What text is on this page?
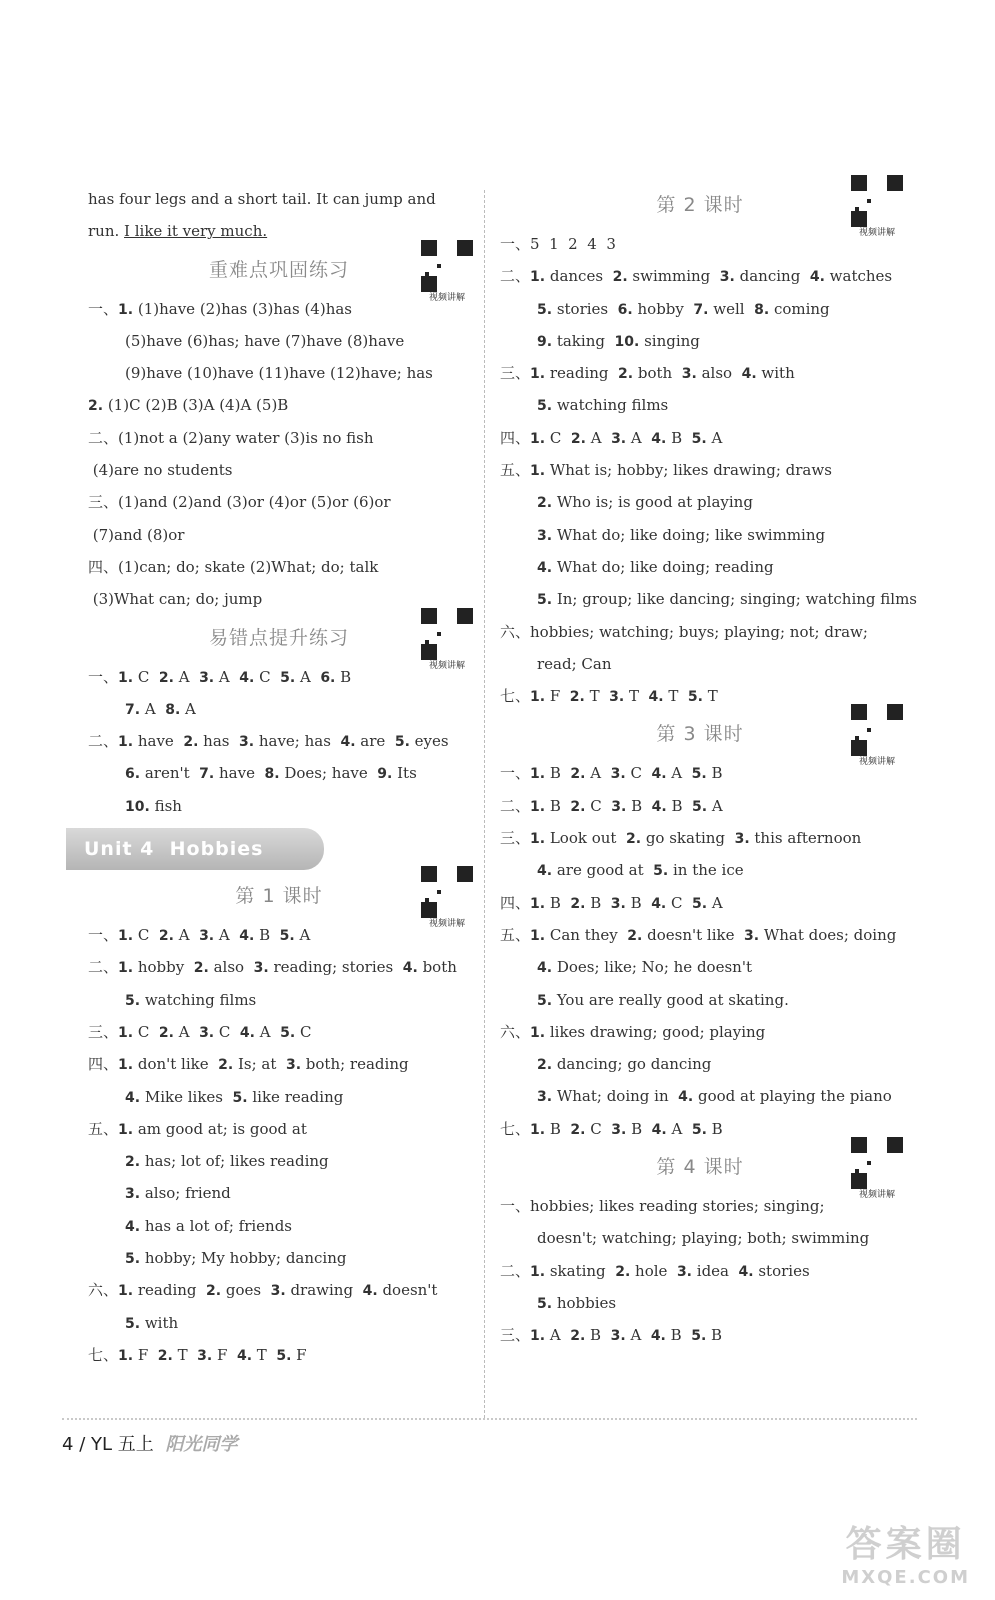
has four legs and a short tail. It can jump and
run. I like it very much.
重难点巩固练习
视频讲解
一、1. (1)have (2)has (3)has (4)has
(5)have (6)has; have (7)have (8)have
(9)have (10)have (11)have (12)have; has
2. (1)C (2)B (3)A (4)A (5)B
二、(1)not a (2)any water (3)is no fish
(4)are no students
三、(1)and (2)and (3)or (4)or (5)or (6)or
(7)and (8)or
四、(1)can; do; skate (2)What; do; talk
(3)What can; do; jump
易错点提升练习
视频讲解
一、1. C  2. A  3. A  4. C  5. A  6. B
7. A  8. A
二、1. have  2. has  3. have; has  4. are  5. eyes
6. aren't  7. have  8. Does; have  9. Its
10. fish
Unit 4  Hobbies
第 1 课时
视频讲解
一、1. C  2. A  3. A  4. B  5. A
二、1. hobby  2. also  3. reading; stories  4. both
5. watching films
三、1. C  2. A  3. C  4. A  5. C
四、1. don't like  2. Is; at  3. both; reading
4. Mike likes  5. like reading
五、1. am good at; is good at
2. has; lot of; likes reading
3. also; friend
4. has a lot of; friends
5. hobby; My hobby; dancing
六、1. reading  2. goes  3. drawing  4. doesn't
5. with
七、1. F  2. T  3. F  4. T  5. F
第 2 课时
视频讲解
一、5  1  2  4  3
二、1. dances  2. swimming  3. dancing  4. watches
5. stories  6. hobby  7. well  8. coming
9. taking  10. singing
三、1. reading  2. both  3. also  4. with
5. watching films
四、1. C  2. A  3. A  4. B  5. A
五、1. What is; hobby; likes drawing; draws
2. Who is; is good at playing
3. What do; like doing; like swimming
4. What do; like doing; reading
5. In; group; like dancing; singing; watching films
六、hobbies; watching; buys; playing; not; draw;
read; Can
七、1. F  2. T  3. T  4. T  5. T
第 3 课时
视频讲解
一、1. B  2. A  3. C  4. A  5. B
二、1. B  2. C  3. B  4. B  5. A
三、1. Look out  2. go skating  3. this afternoon
4. are good at  5. in the ice
四、1. B  2. B  3. B  4. C  5. A
五、1. Can they  2. doesn't like  3. What does; doing
4. Does; like; No; he doesn't
5. You are really good at skating.
六、1. likes drawing; good; playing
2. dancing; go dancing
3. What; doing in  4. good at playing the piano
七、1. B  2. C  3. B  4. A  5. B
第 4 课时
视频讲解
一、hobbies; likes reading stories; singing;
doesn't; watching; playing; both; swimming
二、1. skating  2. hole  3. idea  4. stories
5. hobbies
三、1. A  2. B  3. A  4. B  5. B
4 / YL 五上 阳光同学
答案圈
MXQE.COM
